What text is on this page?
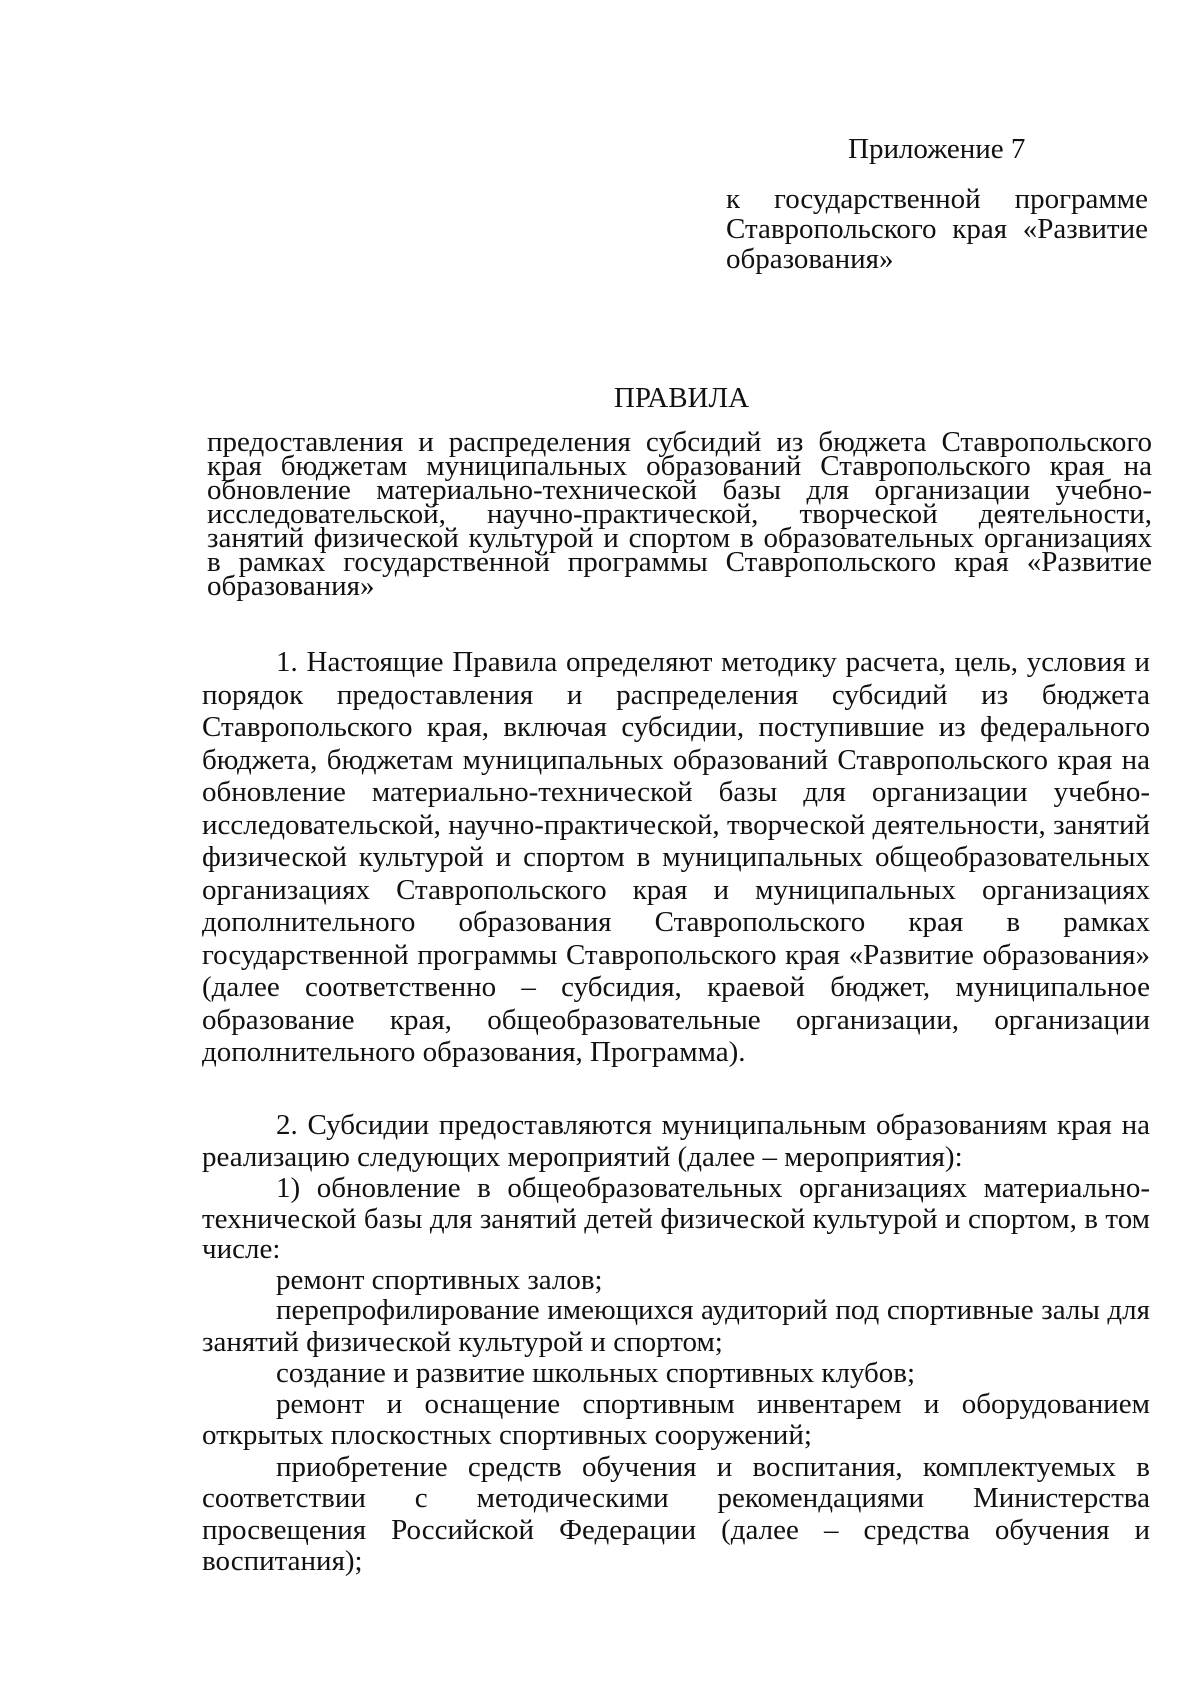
Приложение 7
к государственной программе Ставропольского края «Развитие образования»
ПРАВИЛА
предоставления и распределения субсидий из бюджета Ставропольского края бюджетам муниципальных образований Ставропольского края на обновление материально-технической базы для организации учебно-исследовательской, научно-практической, творческой деятельности, занятий физической культурой и спортом в образовательных организациях в рамках государственной программы Ставропольского края «Развитие образования»

1. Настоящие Правила определяют методику расчета, цель, условия и порядок предоставления и распределения субсидий из бюджета Ставропольского края, включая субсидии, поступившие из федерального бюджета, бюджетам муниципальных образований Ставропольского края на обновление материально-технической базы для организации учебно-исследовательской, научно-практической, творческой деятельности, занятий физической культурой и спортом в муниципальных общеобразовательных организациях Ставропольского края и муниципальных организациях дополнительного образования Ставропольского края в рамках государственной программы Ставропольского края «Развитие образования» (далее соответственно – субсидия, краевой бюджет, муниципальное образование края, общеобразовательные организации, организации дополнительного образования, Программа).

2. Субсидии предоставляются муниципальным образованиям края на реализацию следующих мероприятий (далее – мероприятия):

1) обновление в общеобразовательных организациях материально-технической базы для занятий детей физической культурой и спортом, в том числе:

ремонт спортивных залов;

перепрофилирование имеющихся аудиторий под спортивные залы для занятий физической культурой и спортом;

создание и развитие школьных спортивных клубов;

ремонт и оснащение спортивным инвентарем и оборудованием открытых плоскостных спортивных сооружений;

приобретение средств обучения и воспитания, комплектуемых в соответствии с методическими рекомендациями Министерства просвещения Российской Федерации (далее – средства обучения и воспитания);
